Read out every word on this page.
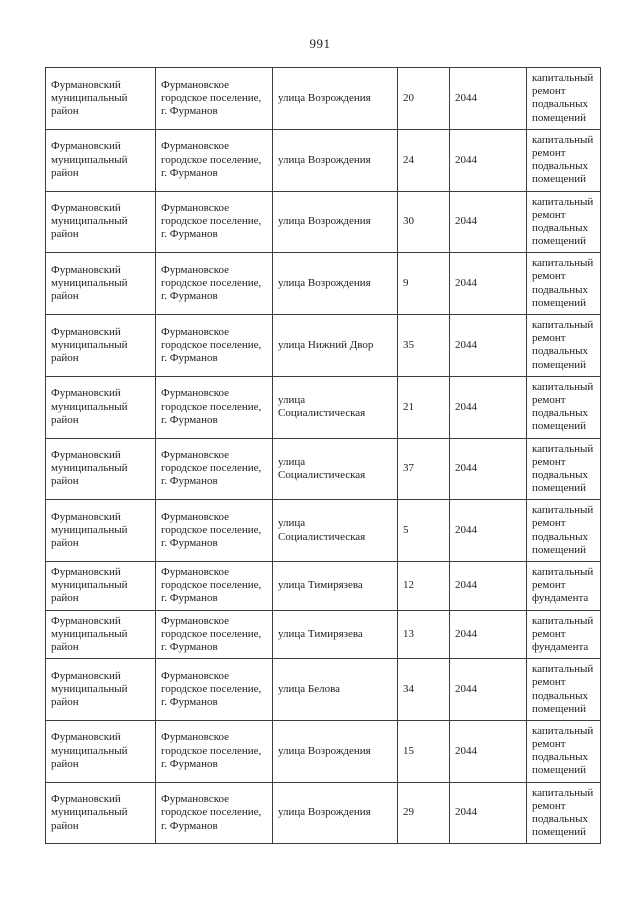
991
Фурмановский муниципальный район	Фурмановское городское поселение, г. Фурманов	улица Возрождения	20	2044	капитальный ремонт подвальных помещений
Фурмановский муниципальный район	Фурмановское городское поселение, г. Фурманов	улица Возрождения	24	2044	капитальный ремонт подвальных помещений
Фурмановский муниципальный район	Фурмановское городское поселение, г. Фурманов	улица Возрождения	30	2044	капитальный ремонт подвальных помещений
Фурмановский муниципальный район	Фурмановское городское поселение, г. Фурманов	улица Возрождения	9	2044	капитальный ремонт подвальных помещений
Фурмановский муниципальный район	Фурмановское городское поселение, г. Фурманов	улица Нижний Двор	35	2044	капитальный ремонт подвальных помещений
Фурмановский муниципальный район	Фурмановское городское поселение, г. Фурманов	улица Социалистическая	21	2044	капитальный ремонт подвальных помещений
Фурмановский муниципальный район	Фурмановское городское поселение, г. Фурманов	улица Социалистическая	37	2044	капитальный ремонт подвальных помещений
Фурмановский муниципальный район	Фурмановское городское поселение, г. Фурманов	улица Социалистическая	5	2044	капитальный ремонт подвальных помещений
Фурмановский муниципальный район	Фурмановское городское поселение, г. Фурманов	улица Тимирязева	12	2044	капитальный ремонт фундамента
Фурмановский муниципальный район	Фурмановское городское поселение, г. Фурманов	улица Тимирязева	13	2044	капитальный ремонт фундамента
Фурмановский муниципальный район	Фурмановское городское поселение, г. Фурманов	улица Белова	34	2044	капитальный ремонт подвальных помещений
Фурмановский муниципальный район	Фурмановское городское поселение, г. Фурманов	улица Возрождения	15	2044	капитальный ремонт подвальных помещений
Фурмановский муниципальный район	Фурмановское городское поселение, г. Фурманов	улица Возрождения	29	2044	капитальный ремонт подвальных помещений
